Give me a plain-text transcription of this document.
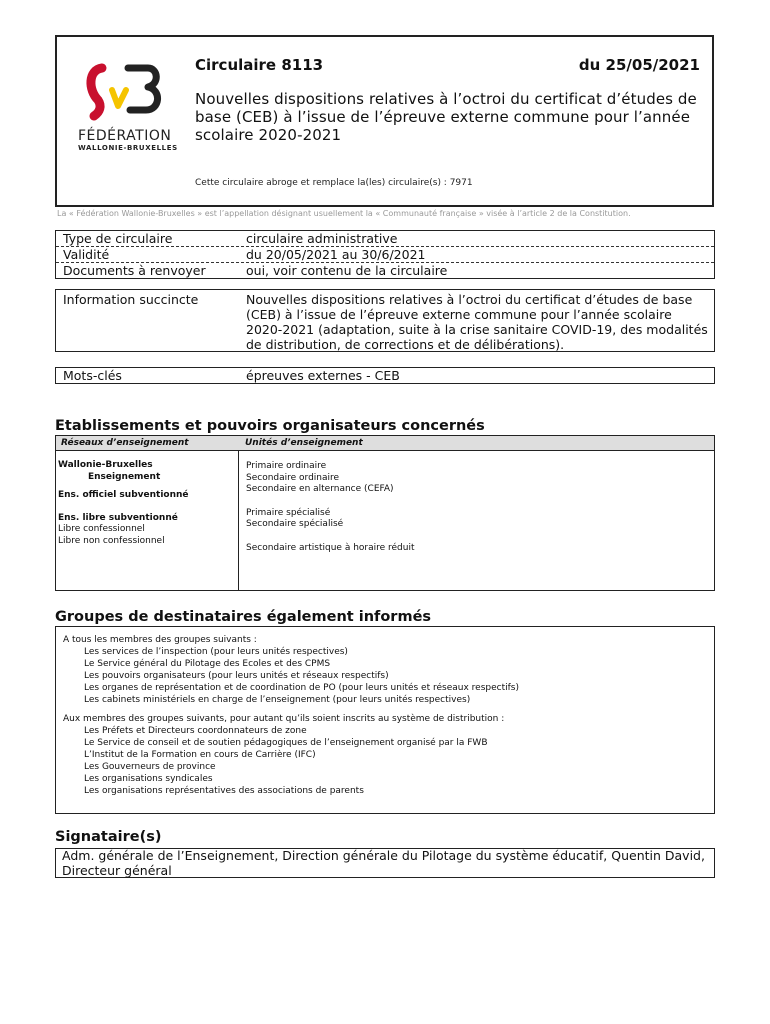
FÉDÉRATION
WALLONIE-BRUXELLES
Circulaire 8113	du 25/05/2021
Nouvelles dispositions relatives à l’octroi du certificat d’études de base (CEB) à l’issue de l’épreuve externe commune pour l’année scolaire 2020-2021
Cette circulaire abroge et remplace la(les) circulaire(s) : 7971
La « Fédération Wallonie-Bruxelles » est l’appellation désignant usuellement la « Communauté française » visée à l’article 2 de la Constitution.
Type de circulaire	circulaire administrative
Validité	du 20/05/2021 au 30/6/2021
Documents à renvoyer	oui, voir contenu de la circulaire
Information succincte	Nouvelles dispositions relatives à l’octroi du certificat d’études de base (CEB) à l’issue de l’épreuve externe commune pour l’année scolaire 2020-2021 (adaptation, suite à la crise sanitaire COVID-19, des modalités de distribution, de corrections et de délibérations).
Mots-clés	épreuves externes - CEB
Etablissements et pouvoirs organisateurs concernés
Réseaux d’enseignement	Unités d’enseignement
Wallonie-Bruxelles
Enseignement
Ens. officiel subventionné
Ens. libre subventionné
Libre confessionnel
Libre non confessionnel
Primaire ordinaire
Secondaire ordinaire
Secondaire en alternance (CEFA)
Primaire spécialisé
Secondaire spécialisé
Secondaire artistique à horaire réduit
Groupes de destinataires également informés
A tous les membres des groupes suivants :
Les services de l’inspection (pour leurs unités respectives)
Le Service général du Pilotage des Ecoles et des CPMS
Les pouvoirs organisateurs (pour leurs unités et réseaux respectifs)
Les organes de représentation et de coordination de PO (pour leurs unités et réseaux respectifs)
Les cabinets ministériels en charge de l’enseignement (pour leurs unités respectives)
Aux membres des groupes suivants, pour autant qu’ils soient inscrits au système de distribution :
Les Préfets et Directeurs coordonnateurs de zone
Le Service de conseil et de soutien pédagogiques de l’enseignement organisé par la FWB
L’Institut de la Formation en cours de Carrière (IFC)
Les Gouverneurs de province
Les organisations syndicales
Les organisations représentatives des associations de parents
Signataire(s)
Adm. générale de l’Enseignement, Direction générale du Pilotage du système éducatif, Quentin David, Directeur général
